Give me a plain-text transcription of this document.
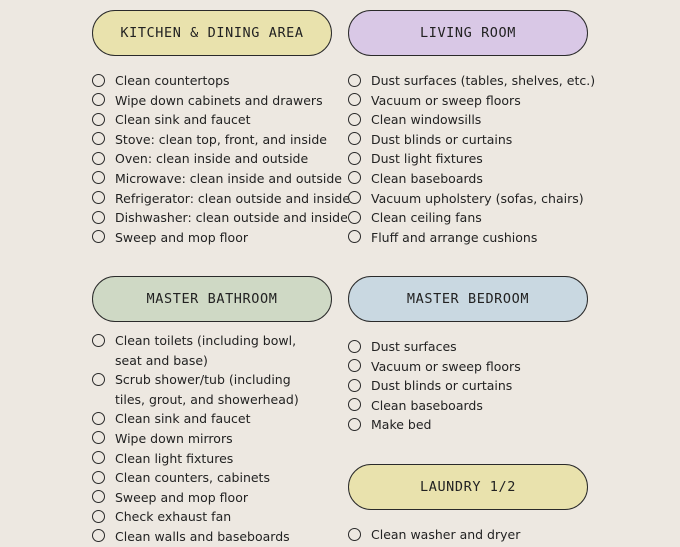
KITCHEN & DINING AREA
Clean countertops
Wipe down cabinets and drawers
Clean sink and faucet
Stove: clean top, front, and inside
Oven: clean inside and outside
Microwave: clean inside and outside
Refrigerator: clean outside and inside
Dishwasher: clean outside and inside
Sweep and mop floor
LIVING ROOM
Dust surfaces (tables, shelves, etc.)
Vacuum or sweep floors
Clean windowsills
Dust blinds or curtains
Dust light fixtures
Clean baseboards
Vacuum upholstery (sofas, chairs)
Clean ceiling fans
Fluff and arrange cushions
MASTER BATHROOM
Clean toilets (including bowl, seat and base)
Scrub shower/tub (including tiles, grout, and showerhead)
Clean sink and faucet
Wipe down mirrors
Clean light fixtures
Clean counters, cabinets
Sweep and mop floor
Check exhaust fan
Clean walls and baseboards
MASTER BEDROOM
Dust surfaces
Vacuum or sweep floors
Dust blinds or curtains
Clean baseboards
Make bed
LAUNDRY 1/2
Clean washer and dryer
